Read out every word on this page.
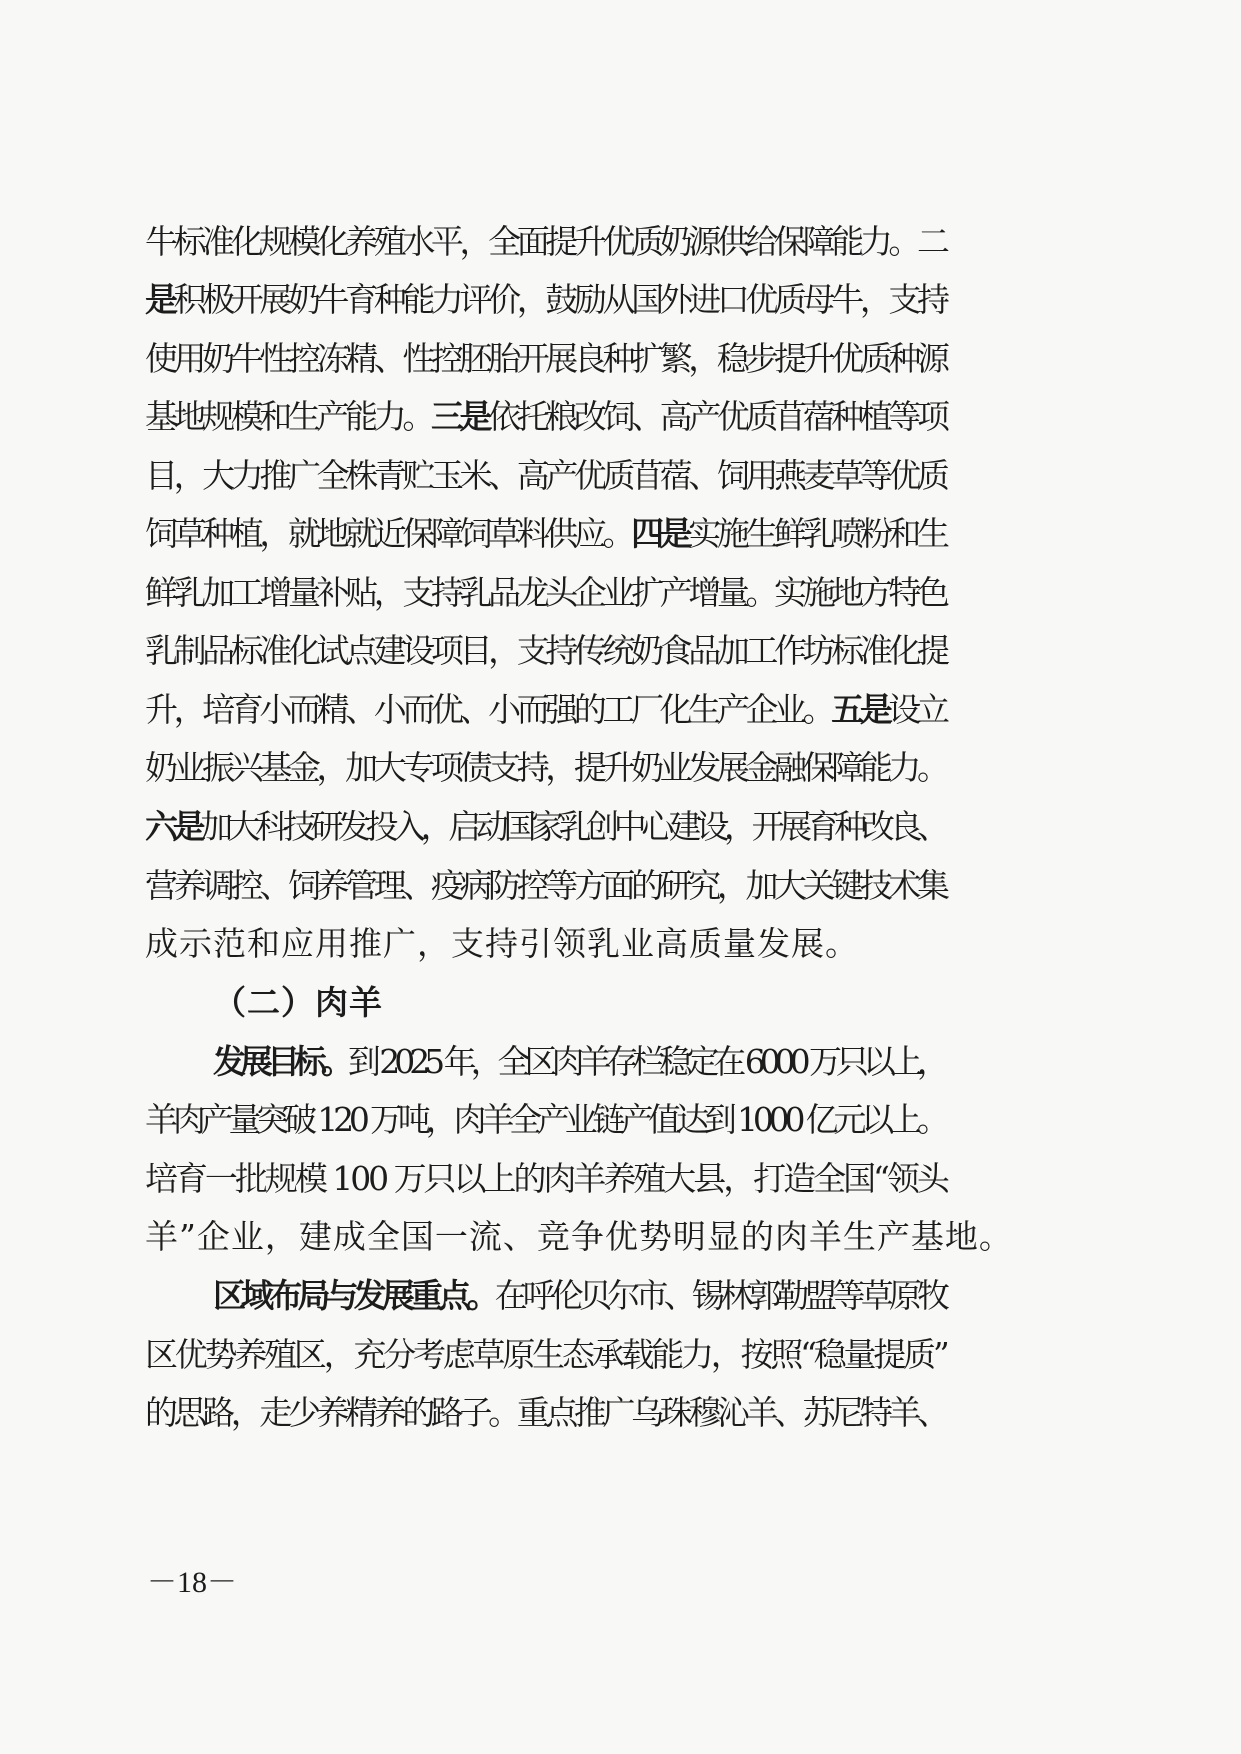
牛标准化规模化养殖水平，全面提升优质奶源供给保障能力。二
是积极开展奶牛育种能力评价，鼓励从国外进口优质母牛，支持
使用奶牛性控冻精、性控胚胎开展良种扩繁，稳步提升优质种源
基地规模和生产能力。三是依托粮改饲、高产优质苜蓿种植等项
目，大力推广全株青贮玉米、高产优质苜蓿、饲用燕麦草等优质
饲草种植，就地就近保障饲草料供应。四是实施生鲜乳喷粉和生
鲜乳加工增量补贴，支持乳品龙头企业扩产增量。实施地方特色
乳制品标准化试点建设项目，支持传统奶食品加工作坊标准化提
升，培育小而精、小而优、小而强的工厂化生产企业。五是设立
奶业振兴基金，加大专项债支持，提升奶业发展金融保障能力。
六是加大科技研发投入，启动国家乳创中心建设，开展育种改良、
营养调控、饲养管理、疫病防控等方面的研究，加大关键技术集
成示范和应用推广，支持引领乳业高质量发展。
（二）肉羊
发展目标。到 2025 年，全区肉羊存栏稳定在 6000 万只以上，
羊肉产量突破 120 万吨，肉羊全产业链产值达到 1000 亿元以上。
培育一批规模 100 万只以上的肉羊养殖大县，打造全国“领头
羊”企业，建成全国一流、竞争优势明显的肉羊生产基地。
区域布局与发展重点。在呼伦贝尔市、锡林郭勒盟等草原牧
区优势养殖区，充分考虑草原生态承载能力，按照“稳量提质”
的思路，走少养精养的路子。重点推广乌珠穆沁羊、苏尼特羊、
－18－
